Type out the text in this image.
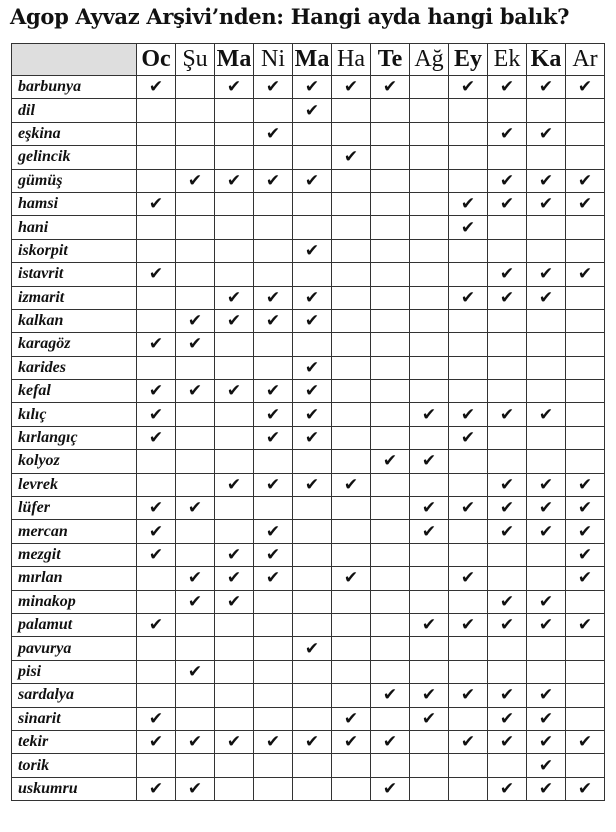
Agop Ayvaz Arşivi’nden: Hangi ayda hangi balık?
	Oc	Şu	Ma	Ni	Ma	Ha	Te	Ağ	Ey	Ek	Ka	Ar
barbunya	✔		✔	✔	✔	✔	✔		✔	✔	✔	✔
dil					✔							
eşkina				✔						✔	✔	
gelincik						✔						
gümüş		✔	✔	✔	✔					✔	✔	✔
hamsi	✔								✔	✔	✔	✔
hani									✔			
iskorpit					✔							
istavrit	✔									✔	✔	✔
izmarit			✔	✔	✔				✔	✔	✔	
kalkan		✔	✔	✔	✔							
karagöz	✔	✔										
karides					✔							
kefal	✔	✔	✔	✔	✔							
kılıç	✔			✔	✔			✔	✔	✔	✔	
kırlangıç	✔			✔	✔				✔			
kolyoz							✔	✔				
levrek			✔	✔	✔	✔				✔	✔	✔
lüfer	✔	✔						✔	✔	✔	✔	✔
mercan	✔			✔				✔		✔	✔	✔
mezgit	✔		✔	✔								✔
mırlan		✔	✔	✔		✔			✔			✔
minakop		✔	✔							✔	✔	
palamut	✔							✔	✔	✔	✔	✔
pavurya					✔							
pisi		✔										
sardalya							✔	✔	✔	✔	✔	
sinarit	✔					✔		✔		✔	✔	
tekir	✔	✔	✔	✔	✔	✔	✔		✔	✔	✔	✔
torik											✔	
uskumru	✔	✔					✔			✔	✔	✔
